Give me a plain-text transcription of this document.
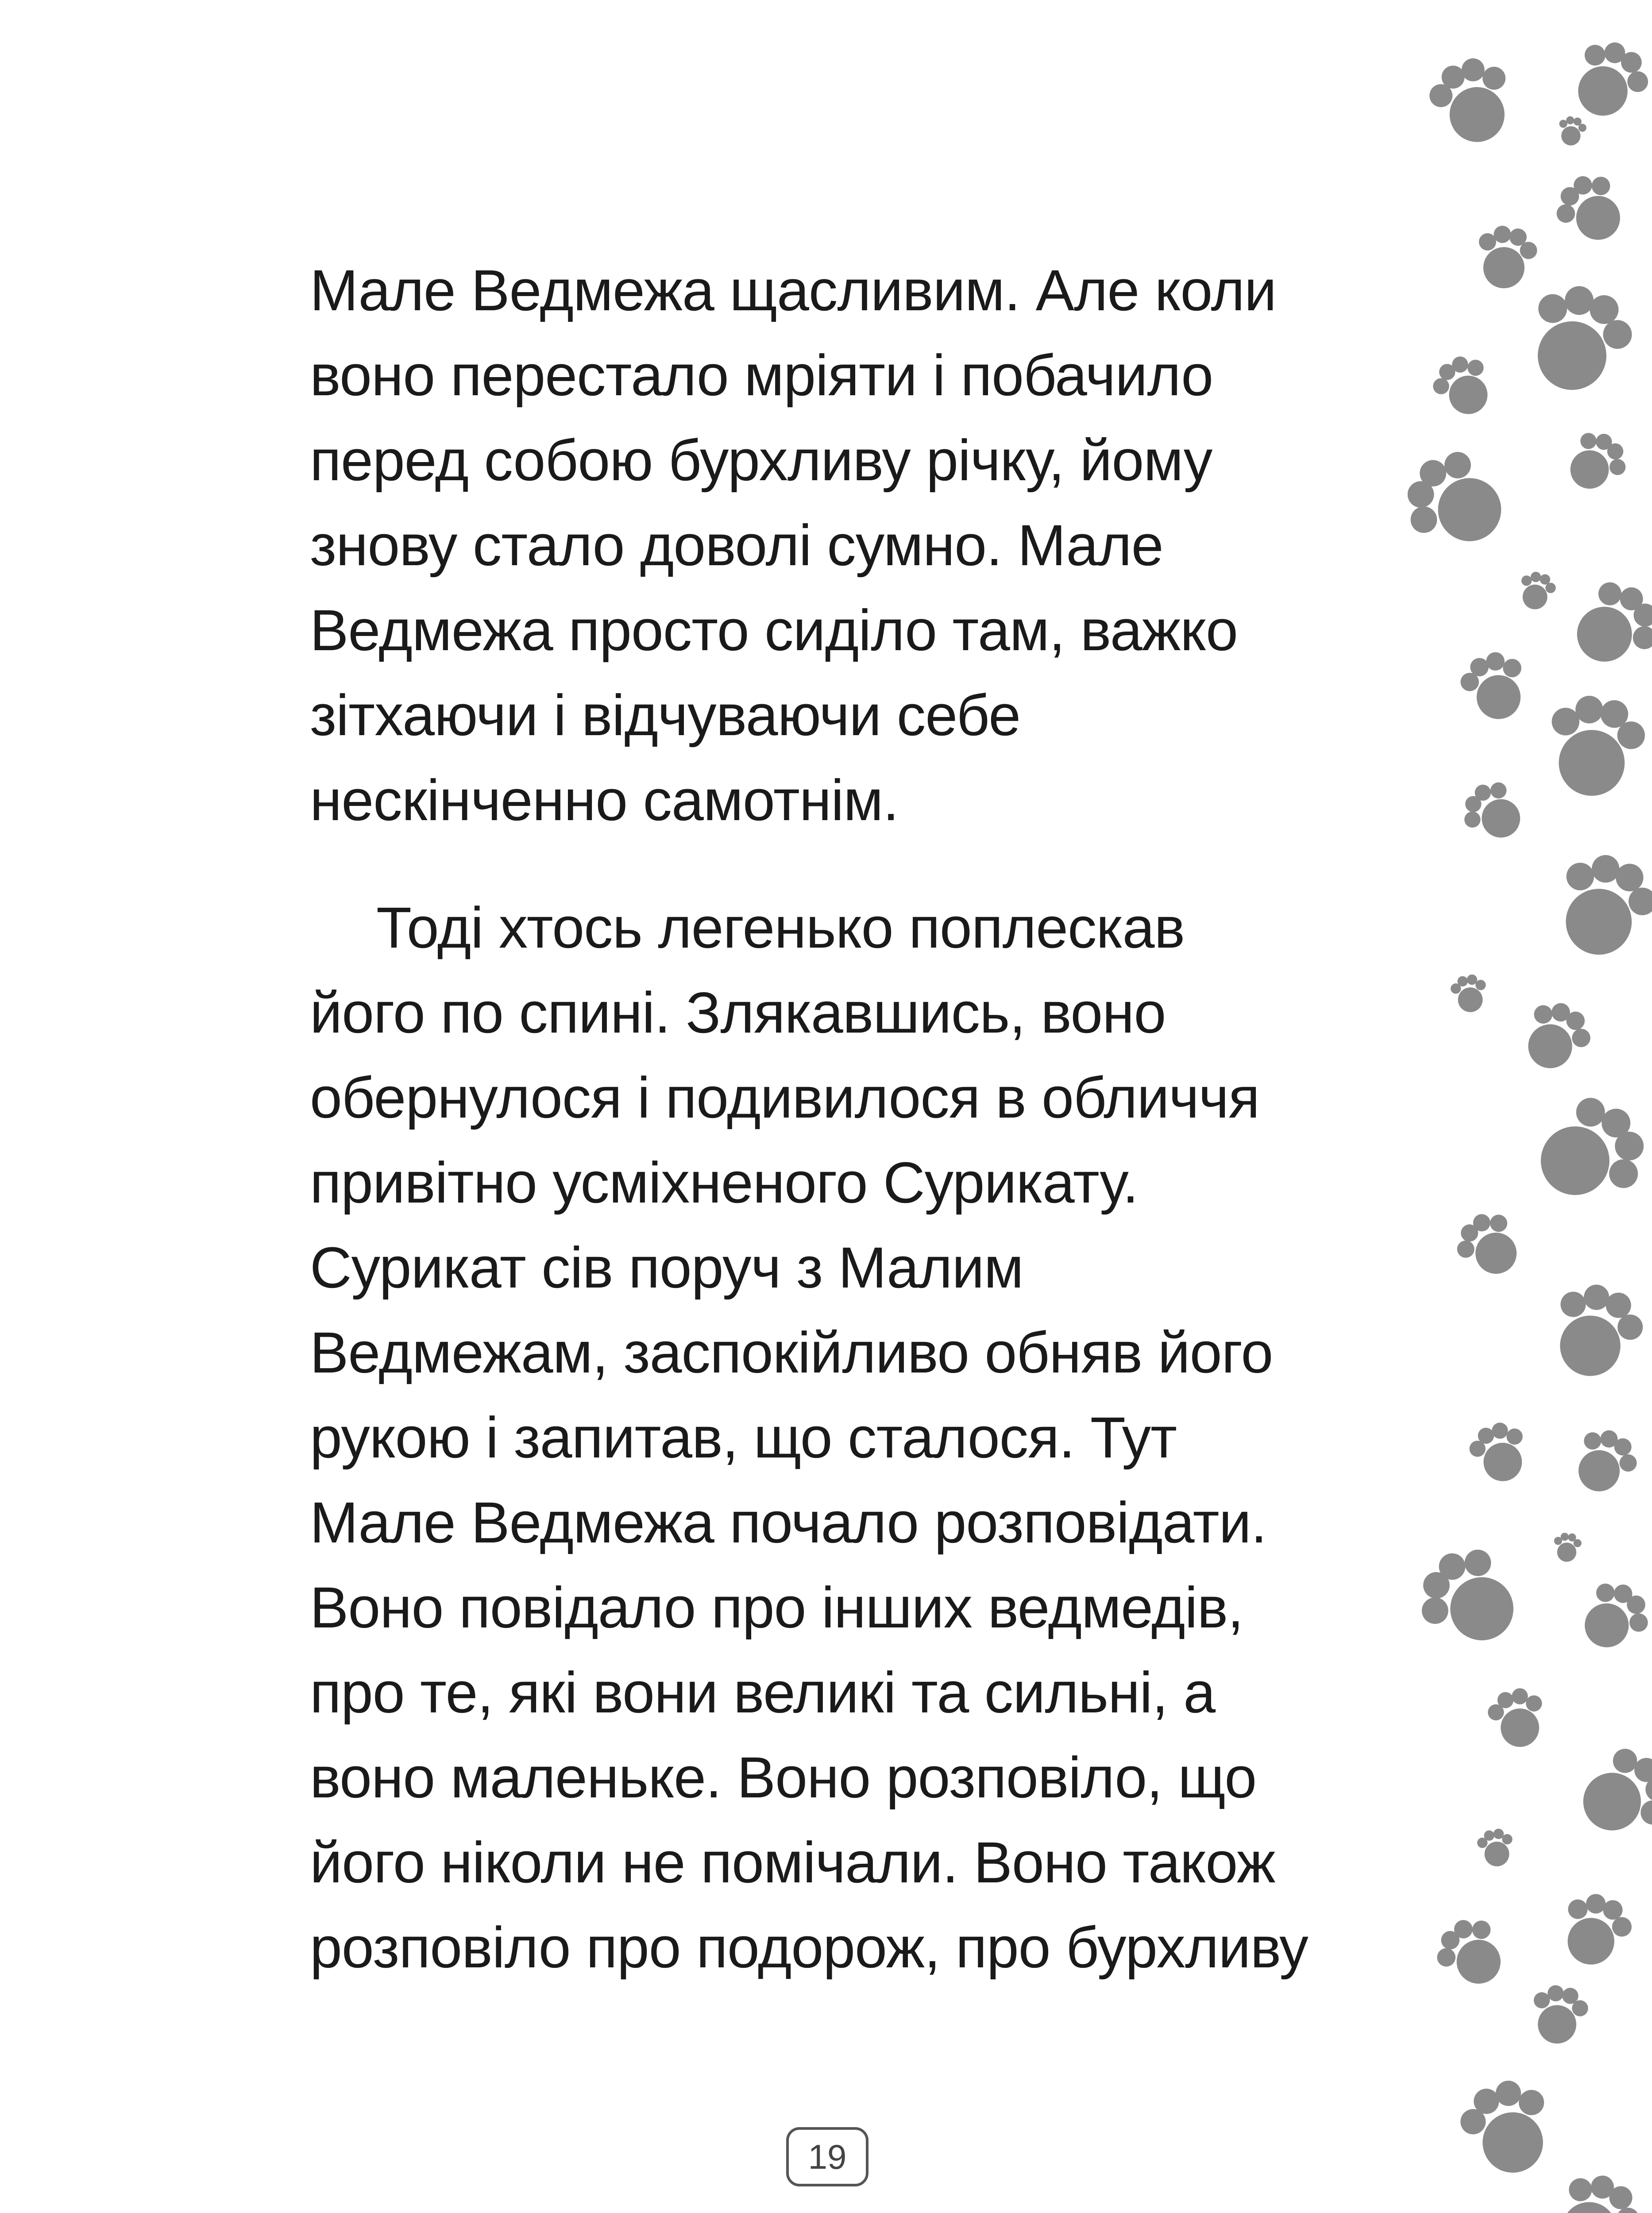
Мале Ведмежа щасливим. Але коли
воно перестало мріяти і побачило
перед собою бурхливу річку, йому
знову стало доволі сумно. Мале
Ведмежа просто сиділо там, важко
зітхаючи і відчуваючи себе
нескінченно самотнім.
Тоді хтось легенько поплескав
його по спині. Злякавшись, воно
обернулося і подивилося в обличчя
привітно усміхненого Сурикату.
Сурикат сів поруч з Малим
Ведмежам, заспокійливо обняв його
рукою і запитав, що сталося. Тут
Мале Ведмежа почало розповідати.
Воно повідало про інших ведмедів,
про те, які вони великі та сильні, а
воно маленьке. Воно розповіло, що
його ніколи не помічали. Воно також
розповіло про подорож, про бурхливу
19
